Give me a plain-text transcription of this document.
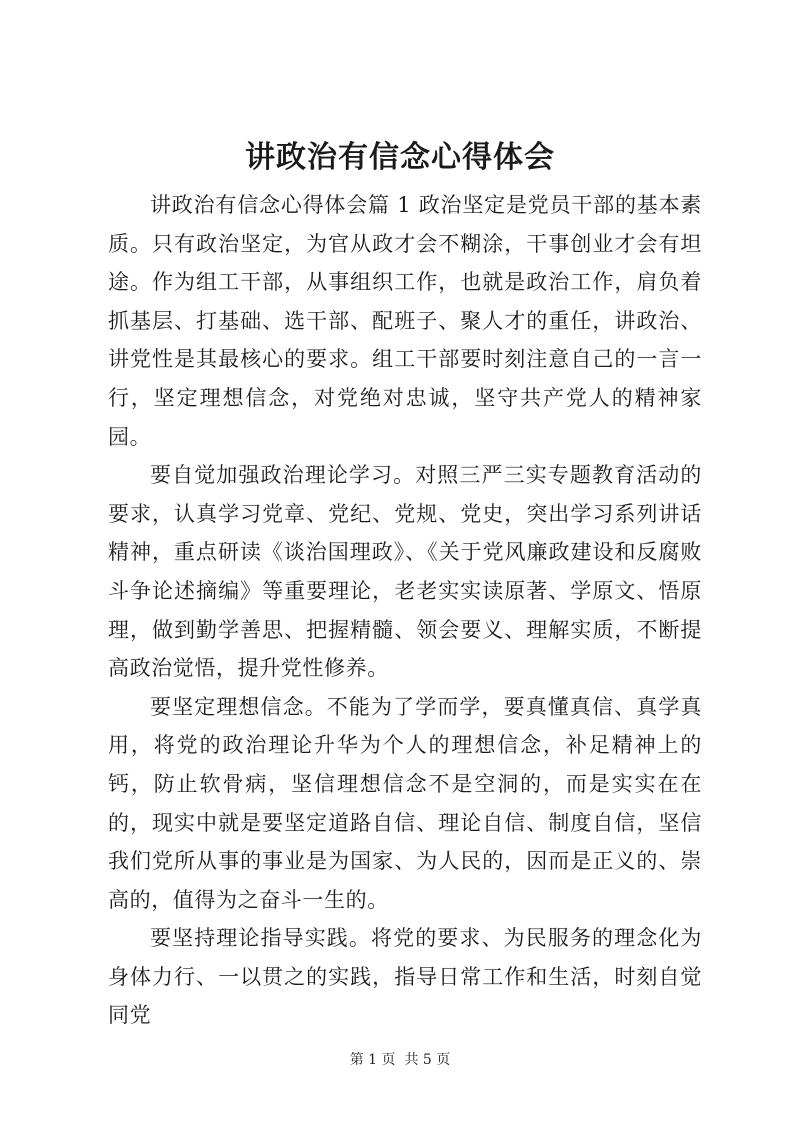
讲政治有信念心得体会

讲政治有信念心得体会篇 1 政治坚定是党员干部的基本素质。只有政治坚定，为官从政才会不糊涂，干事创业才会有坦途。作为组工干部，从事组织工作，也就是政治工作，肩负着抓基层、打基础、选干部、配班子、聚人才的重任，讲政治、讲党性是其最核心的要求。组工干部要时刻注意自己的一言一行，坚定理想信念，对党绝对忠诚，坚守共产党人的精神家园。

要自觉加强政治理论学习。对照三严三实专题教育活动的要求，认真学习党章、党纪、党规、党史，突出学习系列讲话精神，重点研读《谈治国理政》、《关于党风廉政建设和反腐败斗争论述摘编》等重要理论，老老实实读原著、学原文、悟原理，做到勤学善思、把握精髓、领会要义、理解实质，不断提高政治觉悟，提升党性修养。

要坚定理想信念。不能为了学而学，要真懂真信、真学真用，将党的政治理论升华为个人的理想信念，补足精神上的钙，防止软骨病，坚信理想信念不是空洞的，而是实实在在的，现实中就是要坚定道路自信、理论自信、制度自信，坚信我们党所从事的事业是为国家、为人民的，因而是正义的、崇高的，值得为之奋斗一生的。

要坚持理论指导实践。将党的要求、为民服务的理念化为身体力行、一以贯之的实践，指导日常工作和生活，时刻自觉同党

第 1 页  共 5 页
